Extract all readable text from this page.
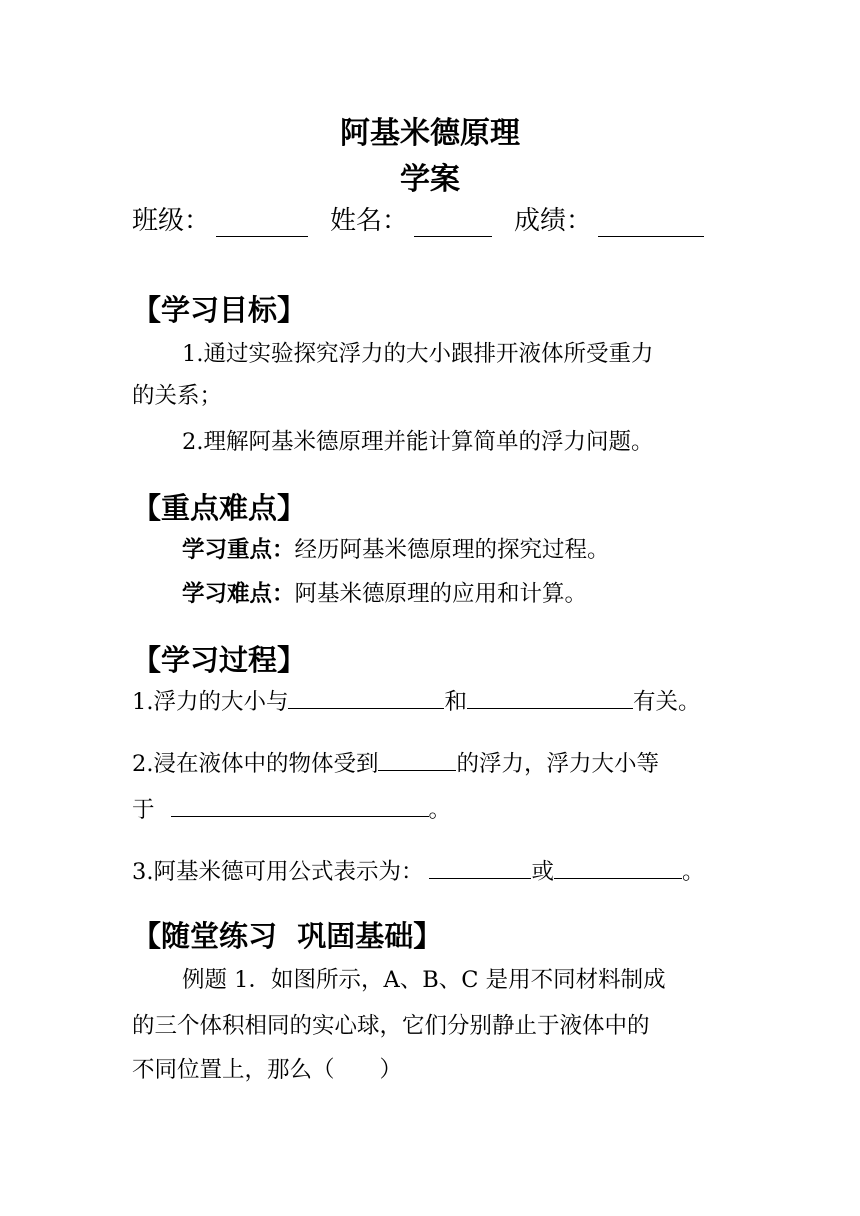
阿基米德原理
学案
班级：	姓名：	成绩：
【学习目标】
1.通过实验探究浮力的大小跟排开液体所受重力
的关系；
2.理解阿基米德原理并能计算简单的浮力问题。
【重点难点】
学习重点：经历阿基米德原理的探究过程。
学习难点：阿基米德原理的应用和计算。
【学习过程】
1.浮力的大小与	和	有关。
2.浸在液体中的物体受到	的浮力，浮力大小等
于	。
3.阿基米德可用公式表示为：	或	。
【随堂练习  巩固基础】
例题 1．如图所示，A、B、C 是用不同材料制成
的三个体积相同的实心球，它们分别静止于液体中的
不同位置上，那么（　　）
